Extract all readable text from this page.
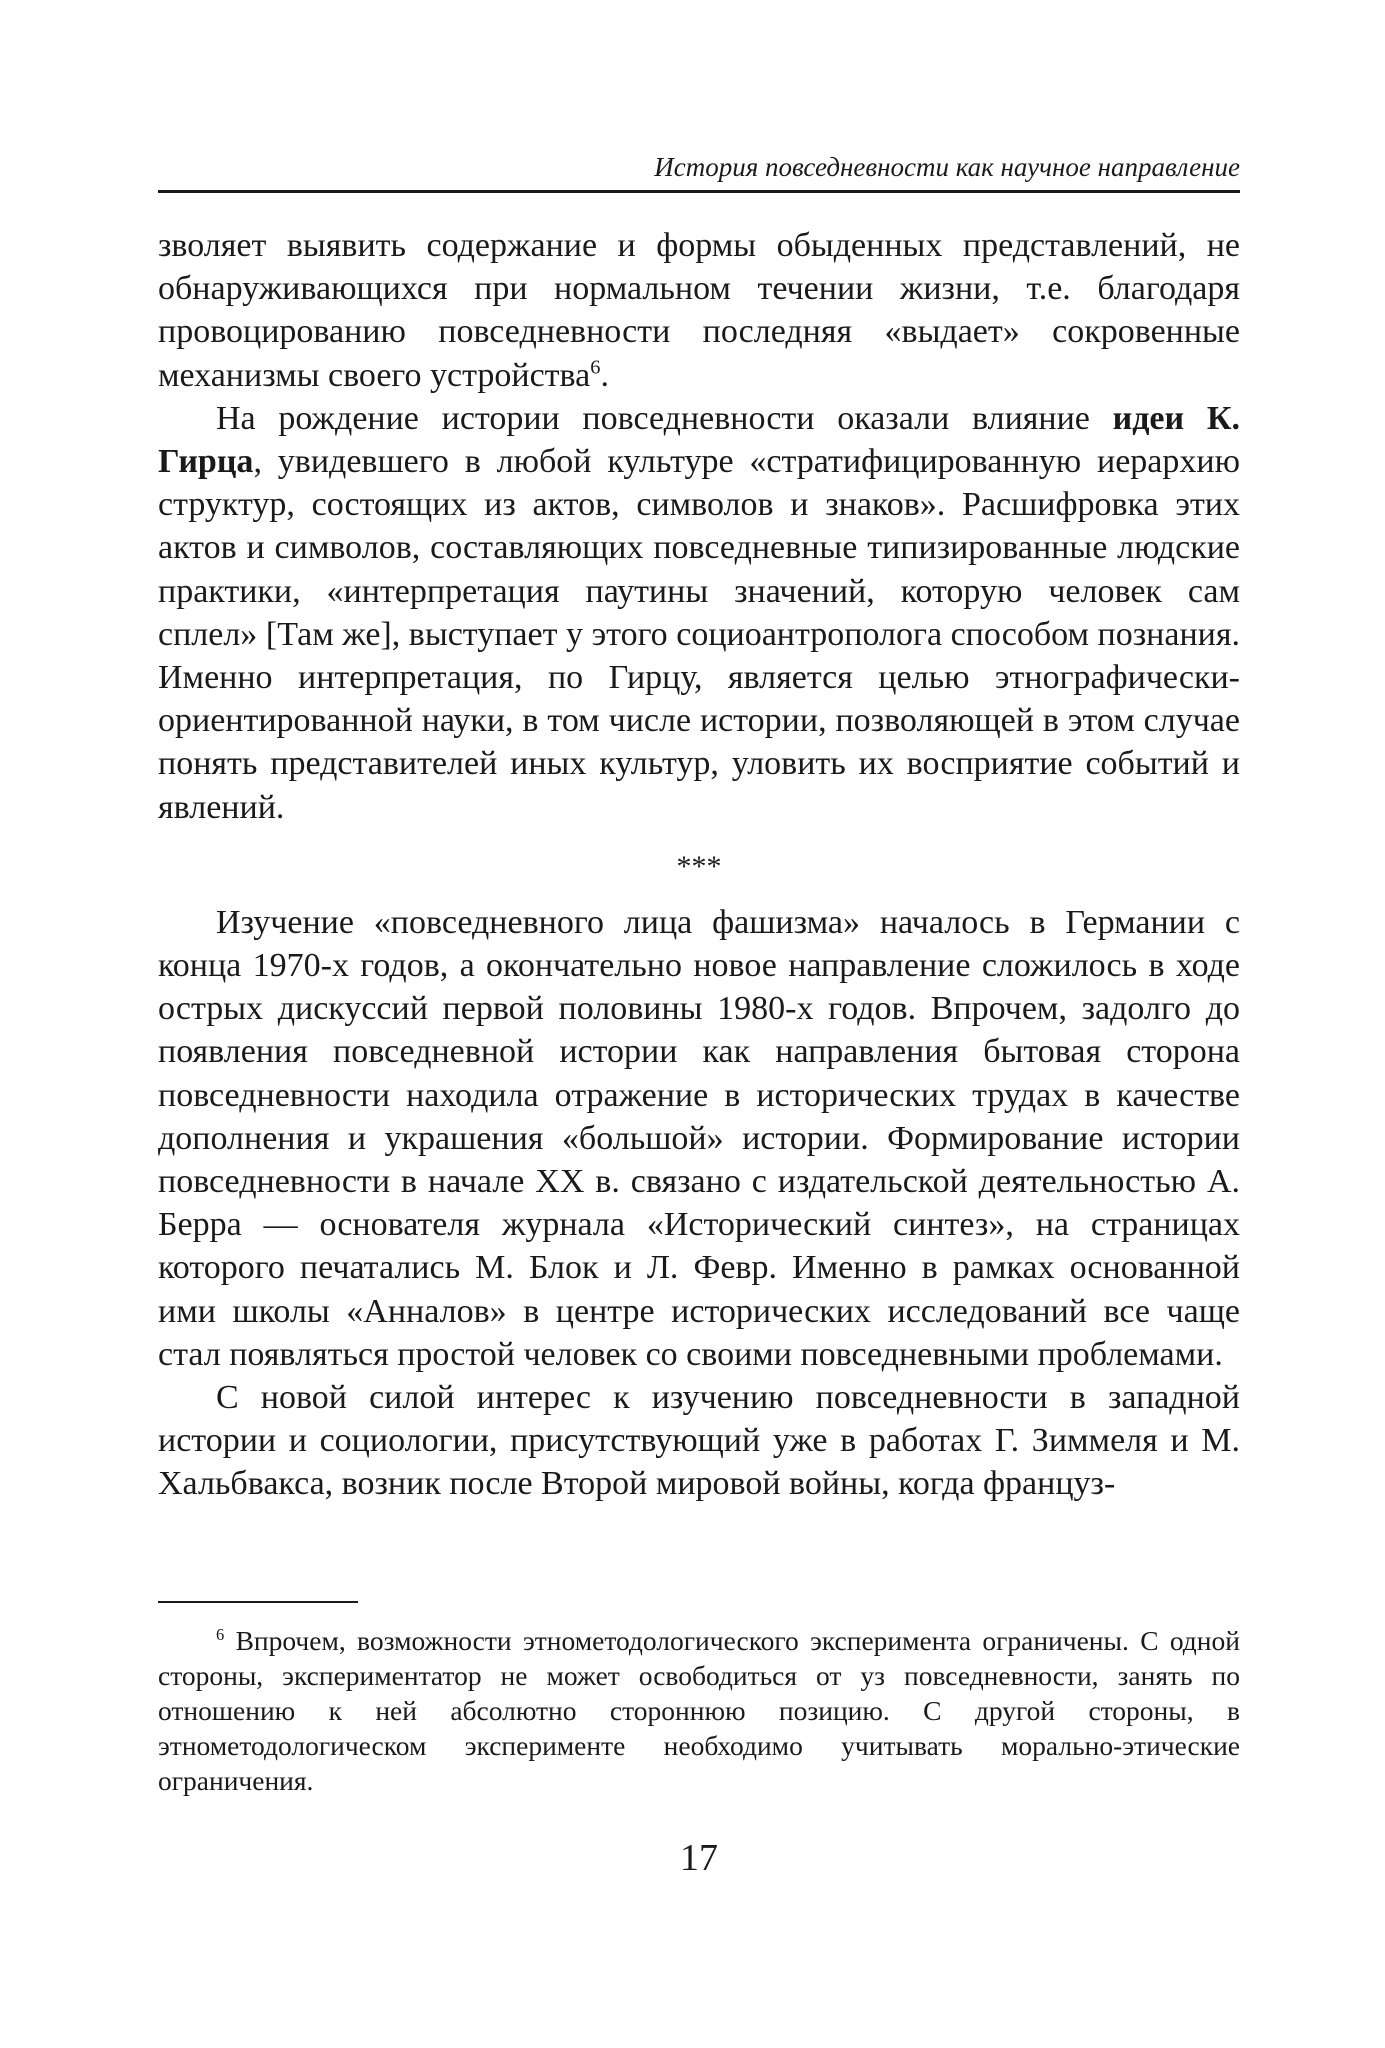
История повседневности как научное направление

зволяет выявить содержание и формы обыденных представлений, не обнаруживающихся при нормальном течении жизни, т.е. благодаря провоцированию повседневности последняя «выдает» сокровенные механизмы своего устройства$^6$.

На рождение истории повседневности оказали влияние идеи К. Гирца, увидевшего в любой культуре «стратифицированную иерархию структур, состоящих из актов, символов и знаков». Расшифровка этих актов и символов, составляющих повседневные типизированные людские практики, «интерпретация паутины значений, которую человек сам сплел» [Там же], выступает у этого социоантрополога способом познания. Именно интерпретация, по Гирцу, является целью этнографически-ориентированной науки, в том числе истории, позволяющей в этом случае понять представителей иных культур, уловить их восприятие событий и явлений.

***

Изучение «повседневного лица фашизма» началось в Германии с конца 1970-х годов, а окончательно новое направление сложилось в ходе острых дискуссий первой половины 1980-х годов. Впрочем, задолго до появления повседневной истории как направления бытовая сторона повседневности находила отражение в исторических трудах в качестве дополнения и украшения «большой» истории. Формирование истории повседневности в начале XX в. связано с издательской деятельностью А. Берра — основателя журнала «Исторический синтез», на страницах которого печатались М. Блок и Л. Февр. Именно в рамках основанной ими школы «Анналов» в центре исторических исследований все чаще стал появляться простой человек со своими повседневными проблемами.

С новой силой интерес к изучению повседневности в западной истории и социологии, присутствующий уже в работах Г. Зиммеля и М. Хальбвакса, возник после Второй мировой войны, когда француз-

$^6$ Впрочем, возможности этнометодологического эксперимента ограничены. С одной стороны, экспериментатор не может освободиться от уз повседневности, занять по отношению к ней абсолютно стороннюю позицию. С другой стороны, в этнометодологическом эксперименте необходимо учитывать морально-этические ограничения.
17
